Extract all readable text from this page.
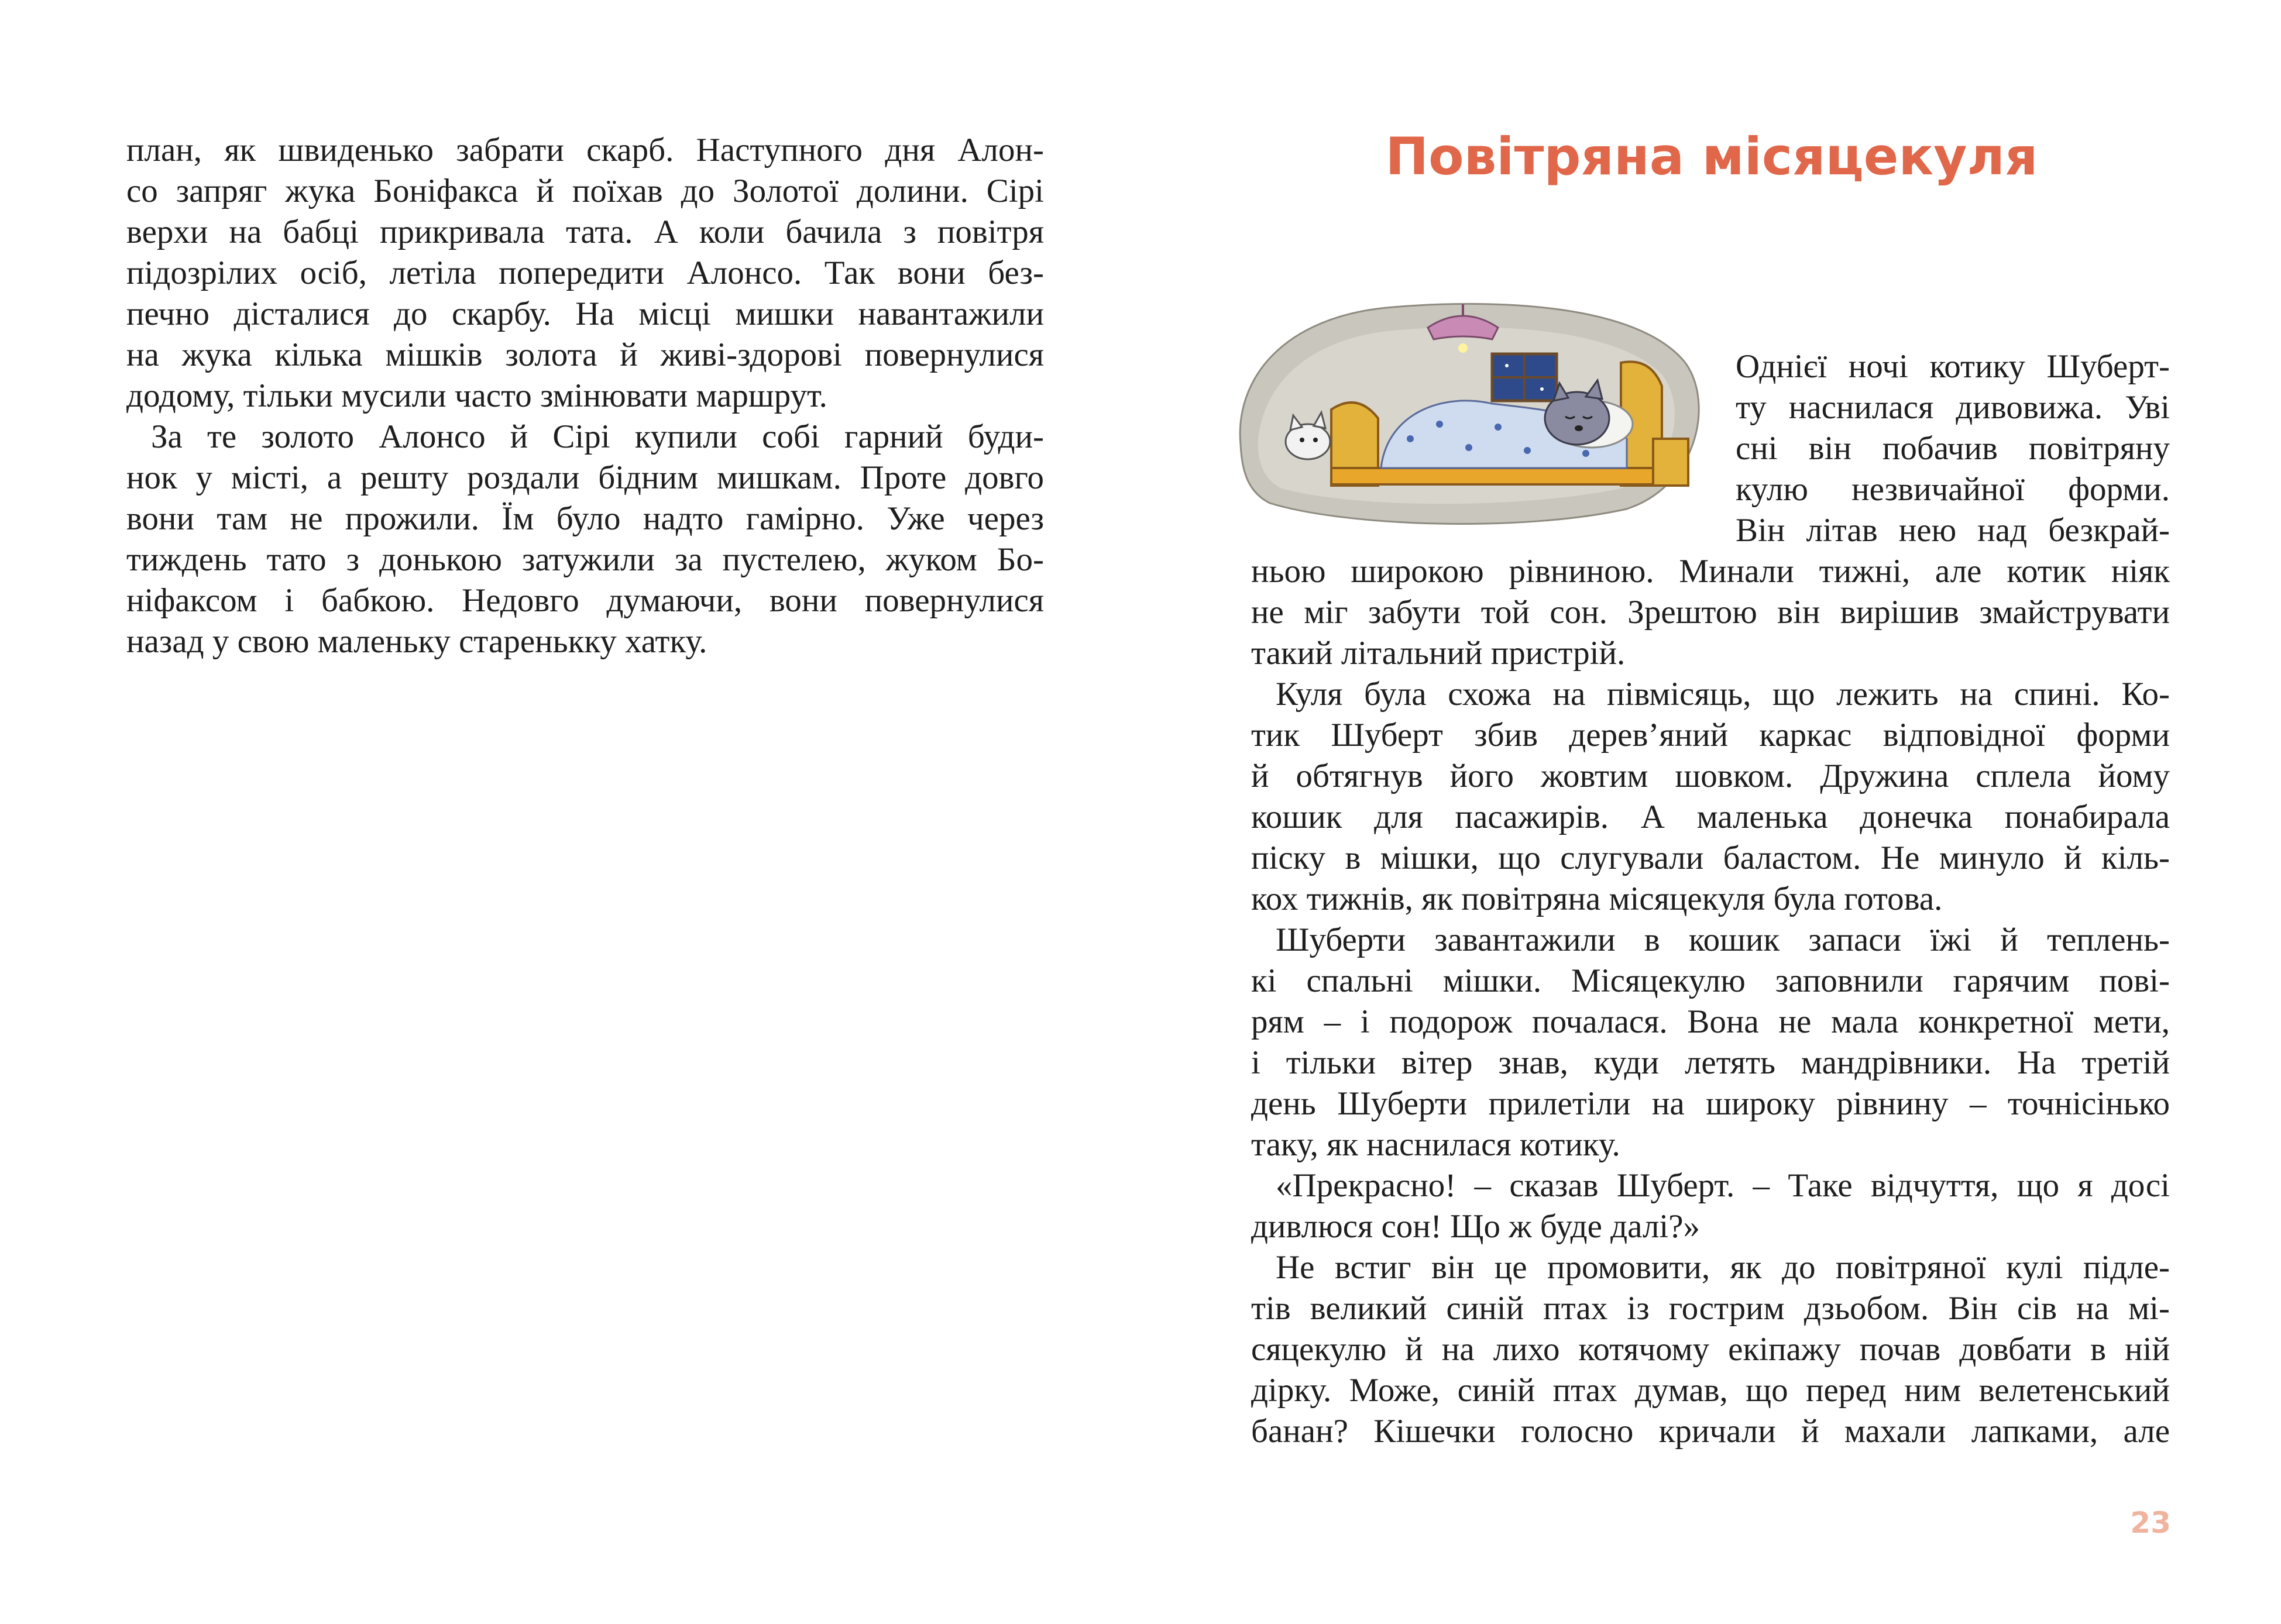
план, як швиденько забрати скарб. Наступного дня Алон-

со запряг жука Боніфакса й поїхав до Золотої долини. Сірі

верхи на бабці прикривала тата. А коли бачила з повітря

підозрілих осіб, летіла попередити Алонсо. Так вони без-

печно дісталися до скарбу. На місці мишки навантажили

на жука кілька мішків золота й живі-здорові повернулися

додому, тільки мусили часто змінювати маршрут.

За те золото Алонсо й Сірі купили собі гарний буди-

нок у місті, а решту роздали бідним мишкам. Проте довго

вони там не прожили. Їм було надто гамірно. Уже через

тиждень тато з донькою затужили за пустелею, жуком Бо-

ніфаксом і бабкою. Недовго думаючи, вони повернулися

назад у свою маленьку старенькку хатку.

Повітряна місяцекуля

Однієї ночі котику Шуберт-

ту наснилася дивовижа. Уві

сні він побачив повітряну

кулю незвичайної форми.

Він літав нею над безкрай-

ньою широкою рівниною. Минали тижні, але котик ніяк

не міг забути той сон. Зрештою він вирішив змайструвати

такий літальний пристрій.

Куля була схожа на півмісяць, що лежить на спині. Ко-

тик Шуберт збив дерев’яний каркас відповідної форми

й обтягнув його жовтим шовком. Дружина сплела йому

кошик для пасажирів. А маленька донечка понабирала

піску в мішки, що слугували баластом. Не минуло й кіль-

кох тижнів, як повітряна місяцекуля була готова.

Шуберти завантажили в кошик запаси їжі й теплень-

кі спальні мішки. Місяцекулю заповнили гарячим пові-

рям – і подорож почалася. Вона не мала конкретної мети,

і тільки вітер знав, куди летять мандрівники. На третій

день Шуберти прилетіли на широку рівнину – точнісінько

таку, як наснилася котику.

«Прекрасно! – сказав Шуберт. – Таке відчуття, що я досі

дивлюся сон! Що ж буде далі?»

Не встиг він це промовити, як до повітряної кулі підле-

тів великий синій птах із гострим дзьобом. Він сів на мі-

сяцекулю й на лихо котячому екіпажу почав довбати в ній

дірку. Може, синій птах думав, що перед ним велетенський

банан? Кішечки голосно кричали й махали лапками, але

23
